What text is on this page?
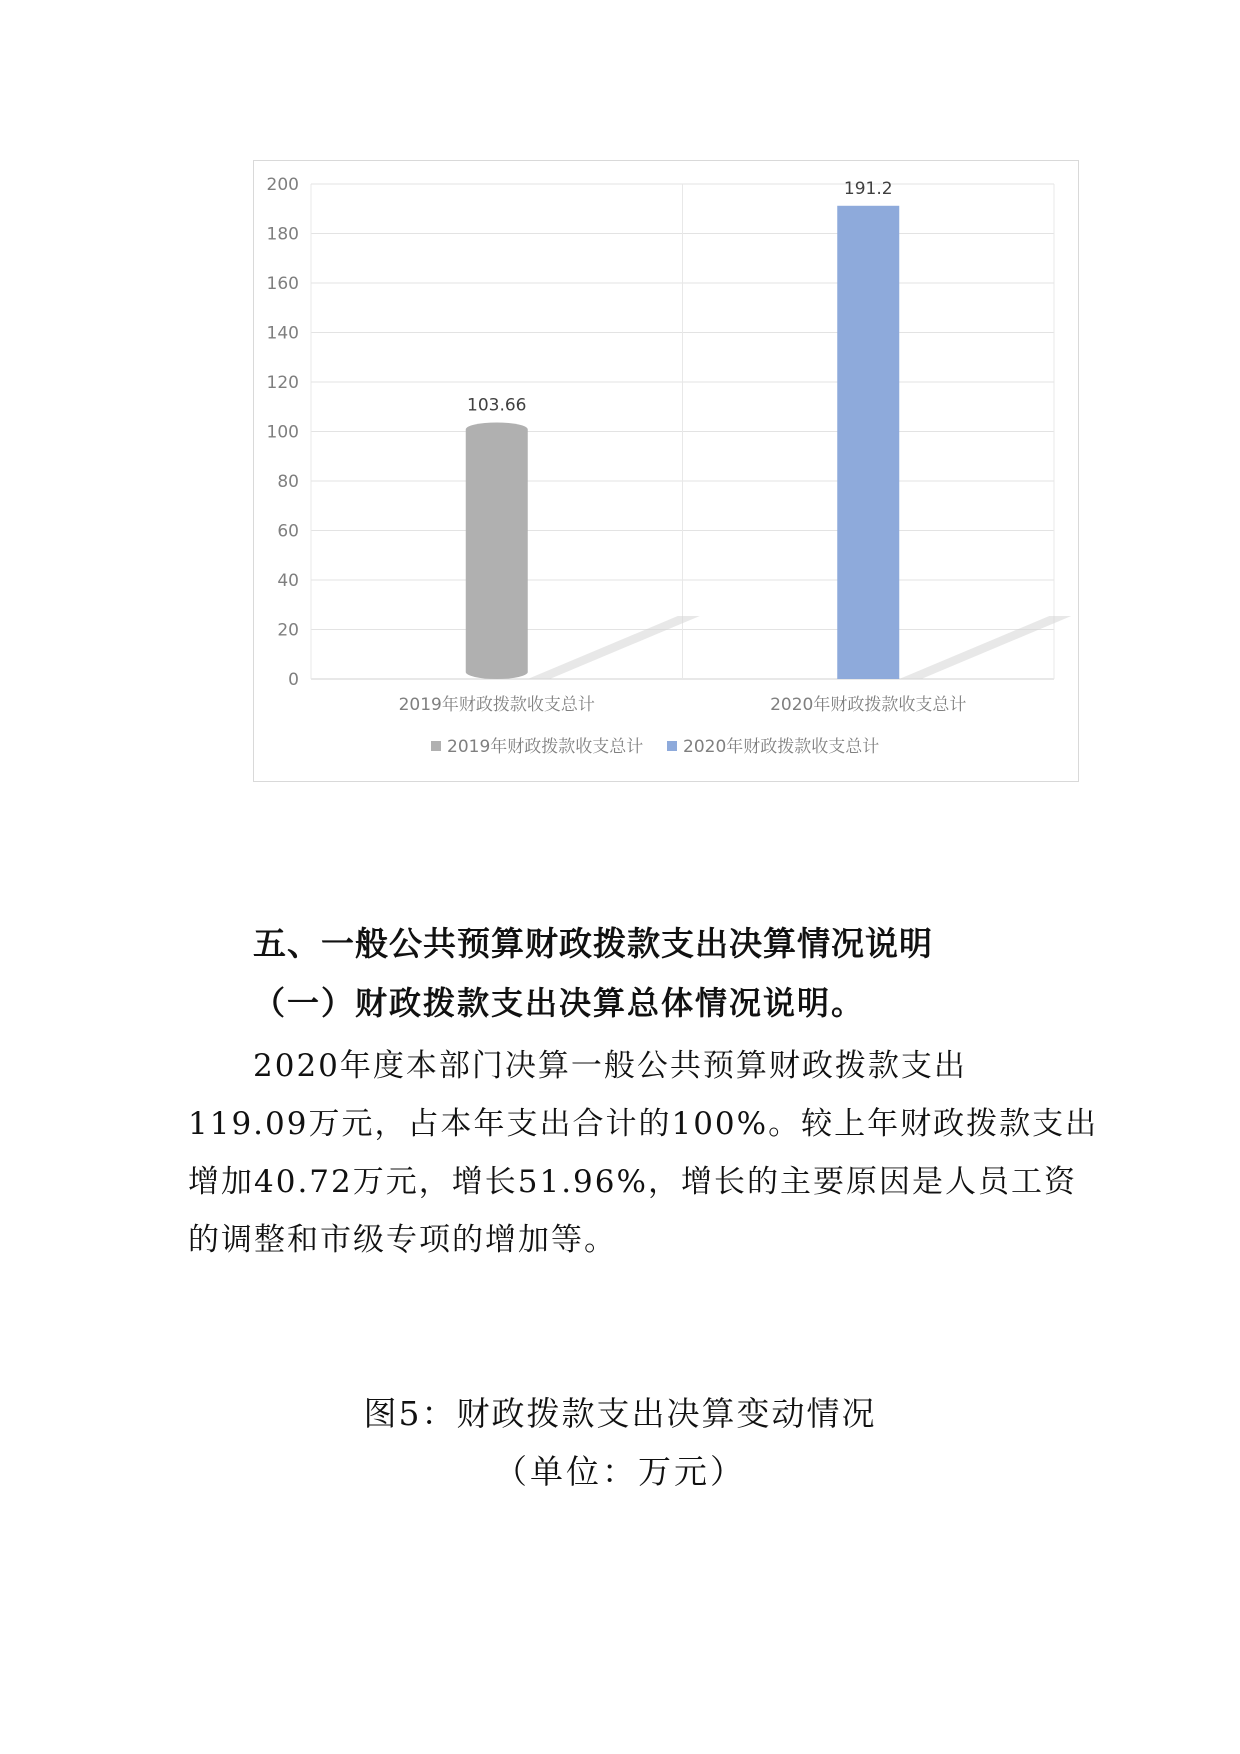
0
20
40
60
80
100
120
140
160
180
200
103.66
191.2
2019年财政拨款收支总计	2020年财政拨款收支总计
2019年财政拨款收支总计 2020年财政拨款收支总计
五、一般公共预算财政拨款支出决算情况说明
（一）财政拨款支出决算总体情况说明。

2020年度本部门决算一般公共预算财政拨款支出

119.09万元，占本年支出合计的100%。较上年财政拨款支出

增加40.72万元，增长51.96%，增长的主要原因是人员工资

的调整和市级专项的增加等。

图5：财政拨款支出决算变动情况

（单位：万元）
